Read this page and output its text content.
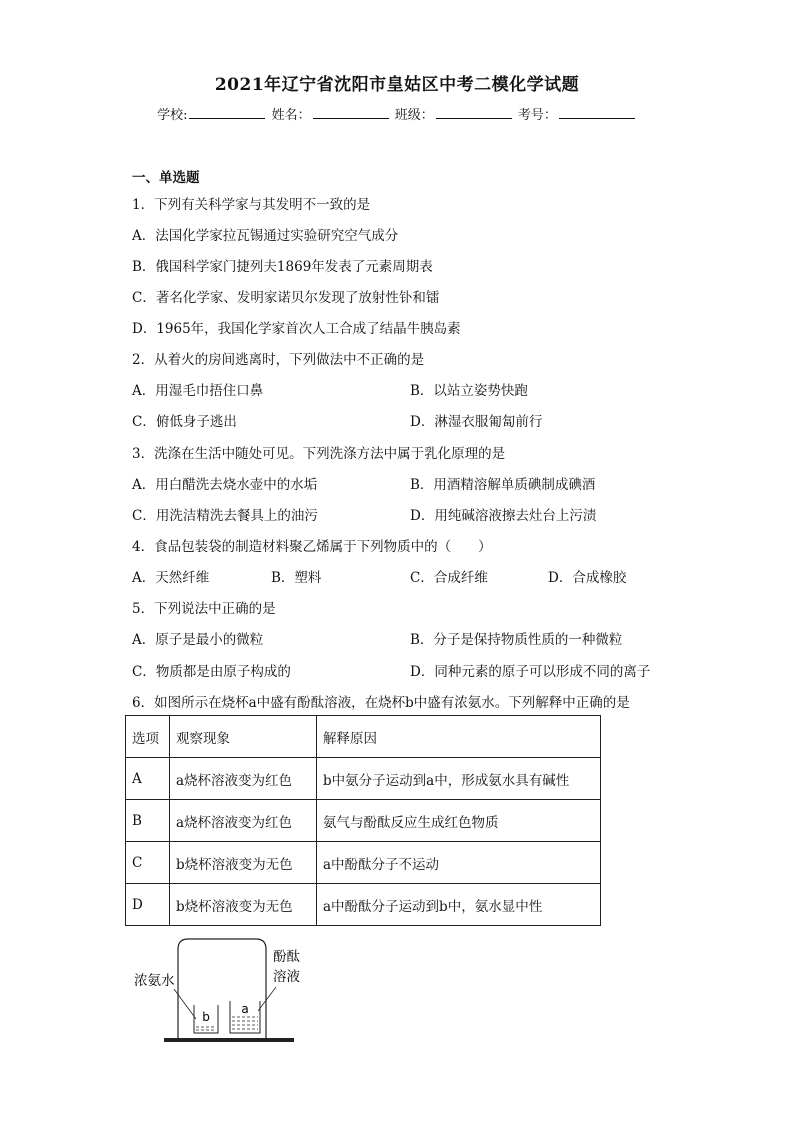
2021年辽宁省沈阳市皇姑区中考二模化学试题
学校:	姓名：	班级：	考号：
一、单选题
1．下列有关科学家与其发明不一致的是
A．法国化学家拉瓦锡通过实验研究空气成分
B．俄国科学家门捷列夫1869年发表了元素周期表
C．著名化学家、发明家诺贝尔发现了放射性钋和镭
D．1965年，我国化学家首次人工合成了结晶牛胰岛素
2．从着火的房间逃离时，下列做法中不正确的是
A．用湿毛巾捂住口鼻	B．以站立姿势快跑
C．俯低身子逃出	D．淋湿衣服匍匐前行
3．洗涤在生活中随处可见。下列洗涤方法中属于乳化原理的是
A．用白醋洗去烧水壶中的水垢	B．用酒精溶解单质碘制成碘酒
C．用洗洁精洗去餐具上的油污	D．用纯碱溶液擦去灶台上污渍
4．食品包装袋的制造材料聚乙烯属于下列物质中的（　　）
A．天然纤维	B．塑料	C．合成纤维	D．合成橡胶
5．下列说法中正确的是
A．原子是最小的微粒	B．分子是保持物质性质的一种微粒
C．物质都是由原子构成的	D．同种元素的原子可以形成不同的离子
6．如图所示在烧杯a中盛有酚酞溶液，在烧杯b中盛有浓氨水。下列解释中正确的是
选项	观察现象	解释原因
A	a烧杯溶液变为红色	b中氨分子运动到a中，形成氨水具有碱性
B	a烧杯溶液变为红色	氨气与酚酞反应生成红色物质
C	b烧杯溶液变为无色	a中酚酞分子不运动
D	b烧杯溶液变为无色	a中酚酞分子运动到b中，氨水显中性
b
a
浓氨水
酚酞
溶液
